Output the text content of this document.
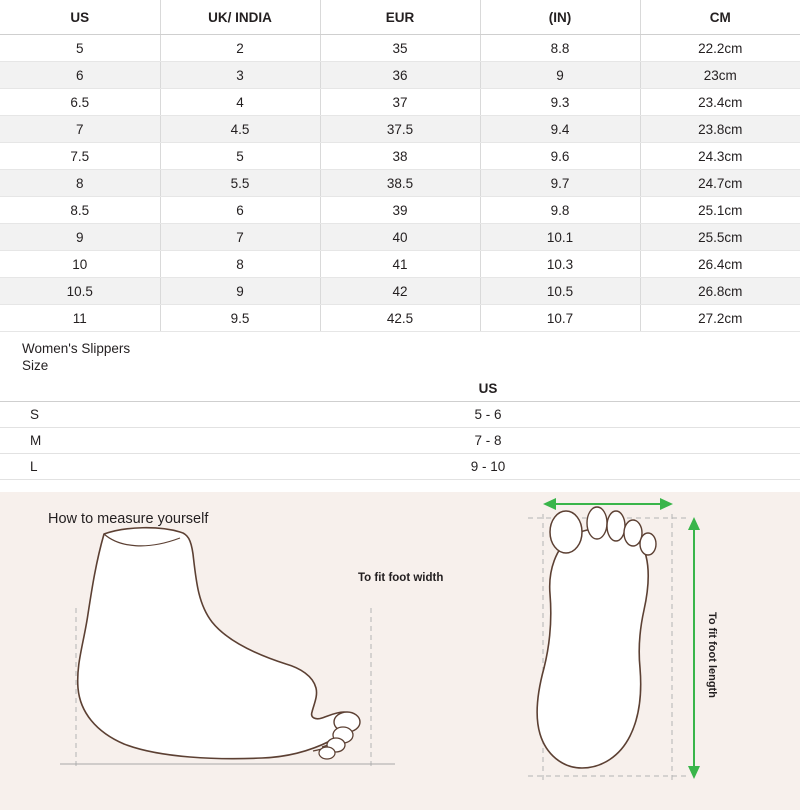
US	UK/ INDIA	EUR	(IN)	CM
5	2	35	8.8	22.2cm
6	3	36	9	23cm
6.5	4	37	9.3	23.4cm
7	4.5	37.5	9.4	23.8cm
7.5	5	38	9.6	24.3cm
8	5.5	38.5	9.7	24.7cm
8.5	6	39	9.8	25.1cm
9	7	40	10.1	25.5cm
10	8	41	10.3	26.4cm
10.5	9	42	10.5	26.8cm
11	9.5	42.5	10.7	27.2cm
Women's Slippers
Size
	US	
S	5 - 6	
M	7 - 8	
L	9 - 10	
How to measure yourself
To fit foot width
To fit foot length
